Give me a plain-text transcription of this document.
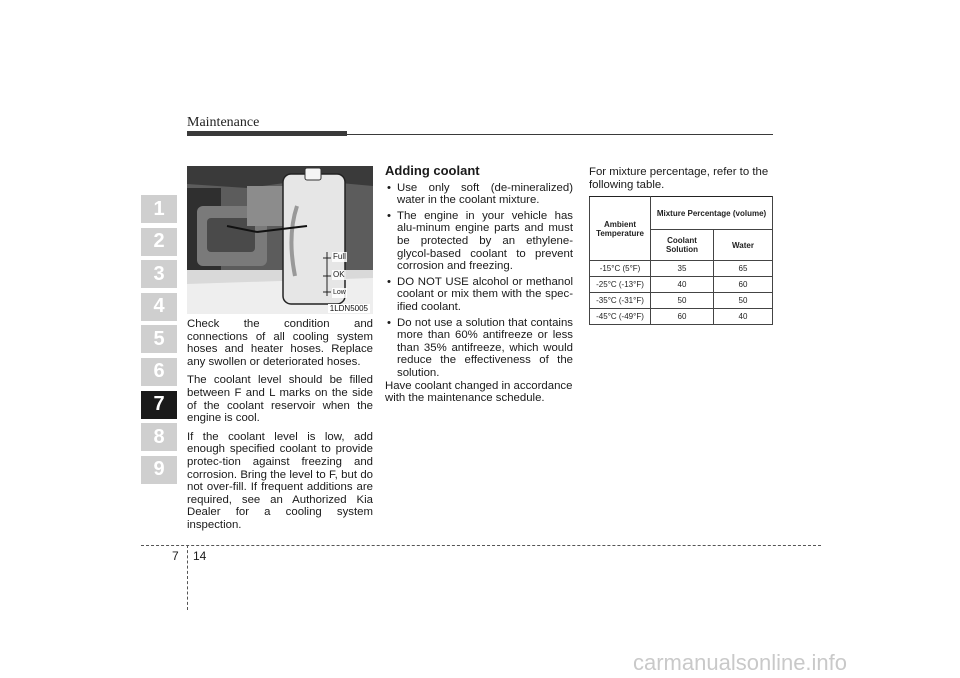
Maintenance
1
2
3
4
5
6
7
8
9
Full
OK
Low
1LDN5005

Check the condition and connections of all cooling system hoses and heater hoses. Replace any swollen or deteriorated hoses.

The coolant level should be filled between F and L marks on the side of the coolant reservoir when the engine is cool.

If the coolant level is low, add enough specified coolant to provide protec-tion against freezing and corrosion. Bring the level to F, but do not over-fill. If frequent additions are required, see an Authorized Kia Dealer for a cooling system inspection.

Adding coolant
• Use only soft (de-mineralized) water in the coolant mixture.
• The engine in your vehicle has alu-minum engine parts and must be protected by an ethylene-glycol-based coolant to prevent corrosion and freezing.
• DO NOT USE alcohol or methanol coolant or mix them with the spec-ified coolant.
• Do not use a solution that contains more than 60% antifreeze or less than 35% antifreeze, which would reduce the effectiveness of the solution.

Have coolant changed in accordance with the maintenance schedule.

For mixture percentage, refer to the following table.

Ambient Temperature	Mixture Percentage (volume)	
	Coolant Solution	Water
-15°C (5°F)	35	65
-25°C (-13°F)	40	60
-35°C (-31°F)	50	50
-45°C (-49°F)	60	40
7 14
carmanualsonline.info
